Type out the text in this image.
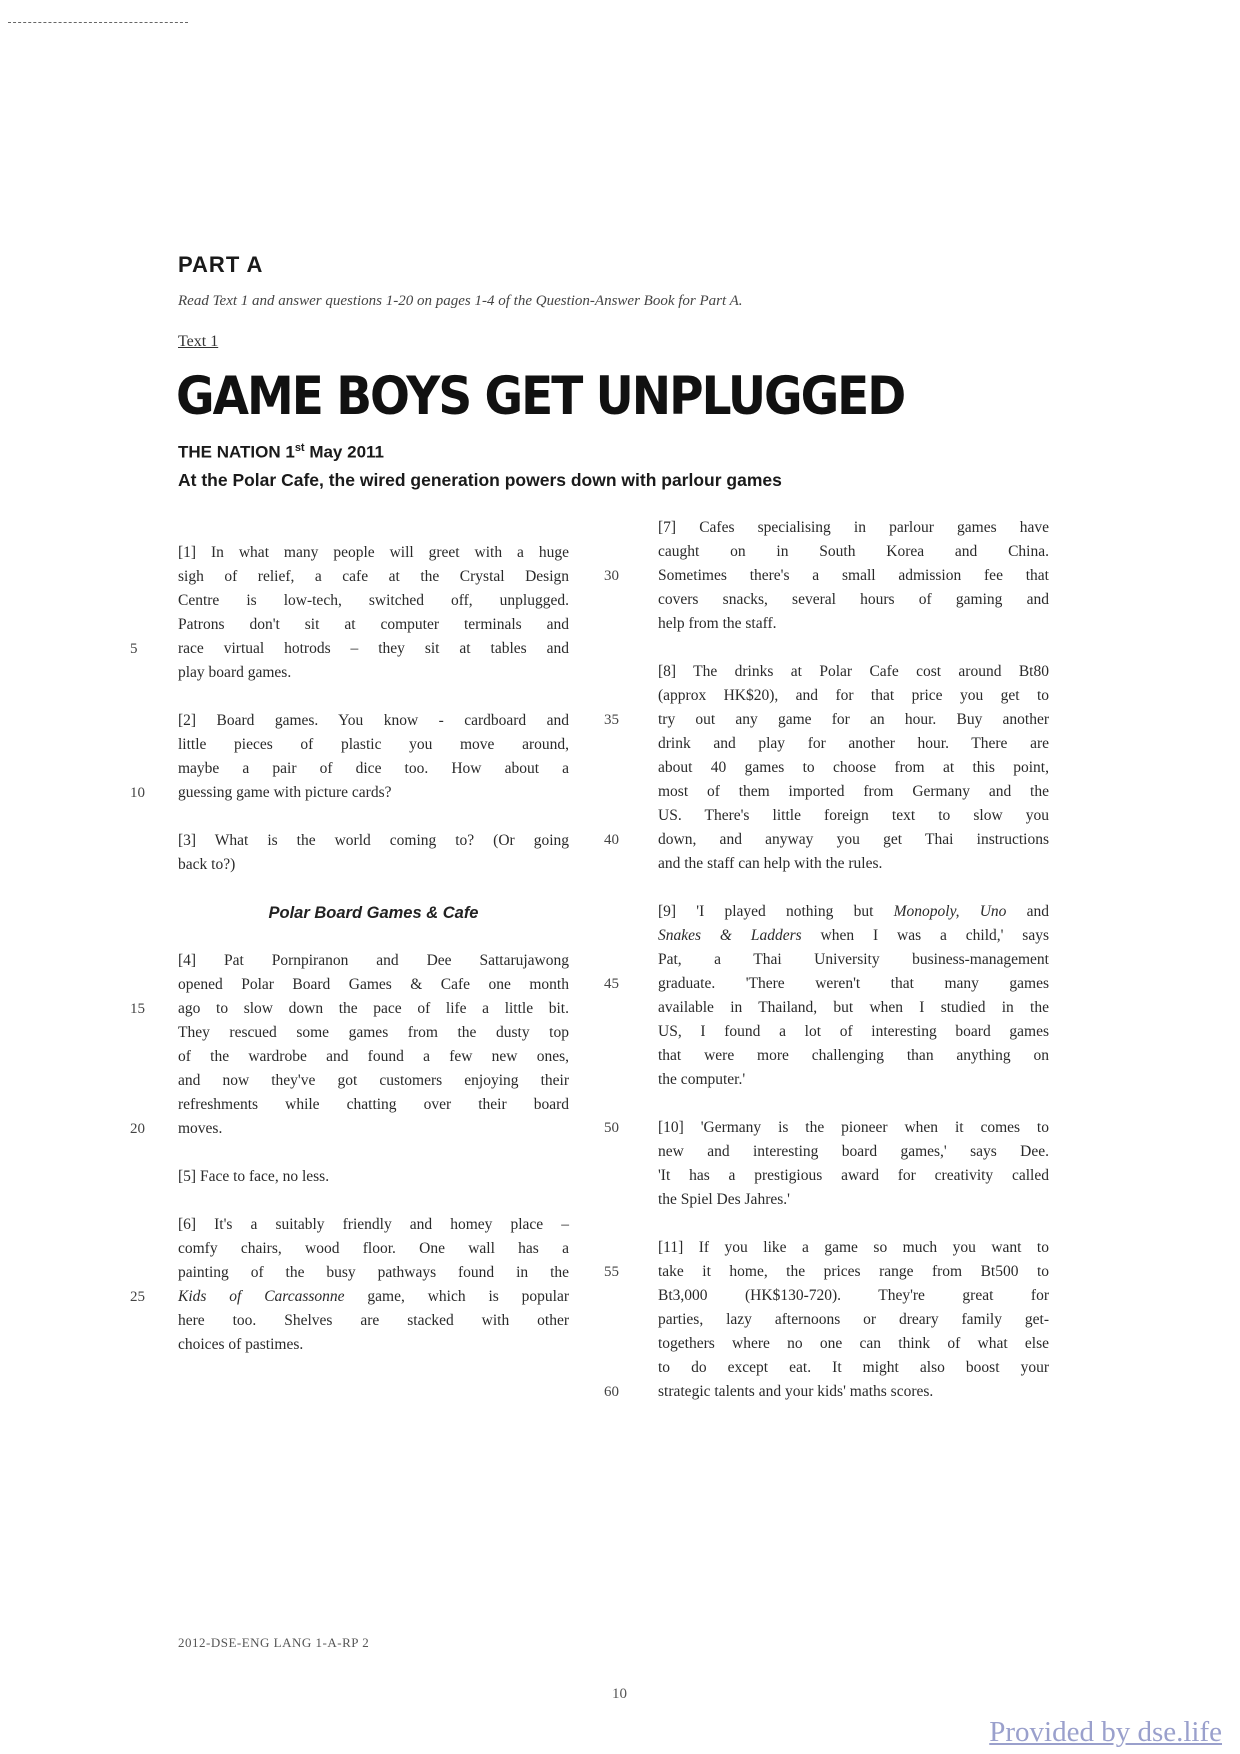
PART A
Read Text 1 and answer questions 1-20 on pages 1-4 of the Question-Answer Book for Part A.
Text 1
GAME BOYS GET UNPLUGGED
THE NATION 1st May 2011
At the Polar Cafe, the wired generation powers down with parlour games
[1] In what many people will greet with a huge
sigh of relief, a cafe at the Crystal Design
Centre is low-tech, switched off, unplugged.
Patrons don't sit at computer terminals and
race virtual hotrods – they sit at tables and
5
play board games.
[2] Board games. You know - cardboard and
little pieces of plastic you move around,
maybe a pair of dice too. How about a
guessing game with picture cards?
10
[3] What is the world coming to? (Or going
back to?)
Polar Board Games & Cafe
[4] Pat Pornpiranon and Dee Sattarujawong
opened Polar Board Games & Cafe one month
ago to slow down the pace of life a little bit.
15
They rescued some games from the dusty top
of the wardrobe and found a few new ones,
and now they've got customers enjoying their
refreshments while chatting over their board
moves.
20
[5] Face to face, no less.
[6] It's a suitably friendly and homey place –
comfy chairs, wood floor. One wall has a
painting of the busy pathways found in the
Kids of Carcassonne game, which is popular
25
here too. Shelves are stacked with other
choices of pastimes.
[7] Cafes specialising in parlour games have
caught on in South Korea and China.
Sometimes there's a small admission fee that
30
covers snacks, several hours of gaming and
help from the staff.
[8] The drinks at Polar Cafe cost around Bt80
(approx HK$20), and for that price you get to
try out any game for an hour. Buy another
35
drink and play for another hour. There are
about 40 games to choose from at this point,
most of them imported from Germany and the
US. There's little foreign text to slow you
down, and anyway you get Thai instructions
40
and the staff can help with the rules.
[9] 'I played nothing but Monopoly, Uno and
Snakes & Ladders when I was a child,' says
Pat, a Thai University business-management
graduate. 'There weren't that many games
45
available in Thailand, but when I studied in the
US, I found a lot of interesting board games
that were more challenging than anything on
the computer.'
[10] 'Germany is the pioneer when it comes to
50
new and interesting board games,' says Dee.
'It has a prestigious award for creativity called
the Spiel Des Jahres.'
[11] If you like a game so much you want to
take it home, the prices range from Bt500 to
55
Bt3,000 (HK$130-720). They're great for
parties, lazy afternoons or dreary family get-
togethers where no one can think of what else
to do except eat. It might also boost your
strategic talents and your kids' maths scores.
60
2012-DSE-ENG LANG 1-A-RP 2
10
Provided by dse.life
